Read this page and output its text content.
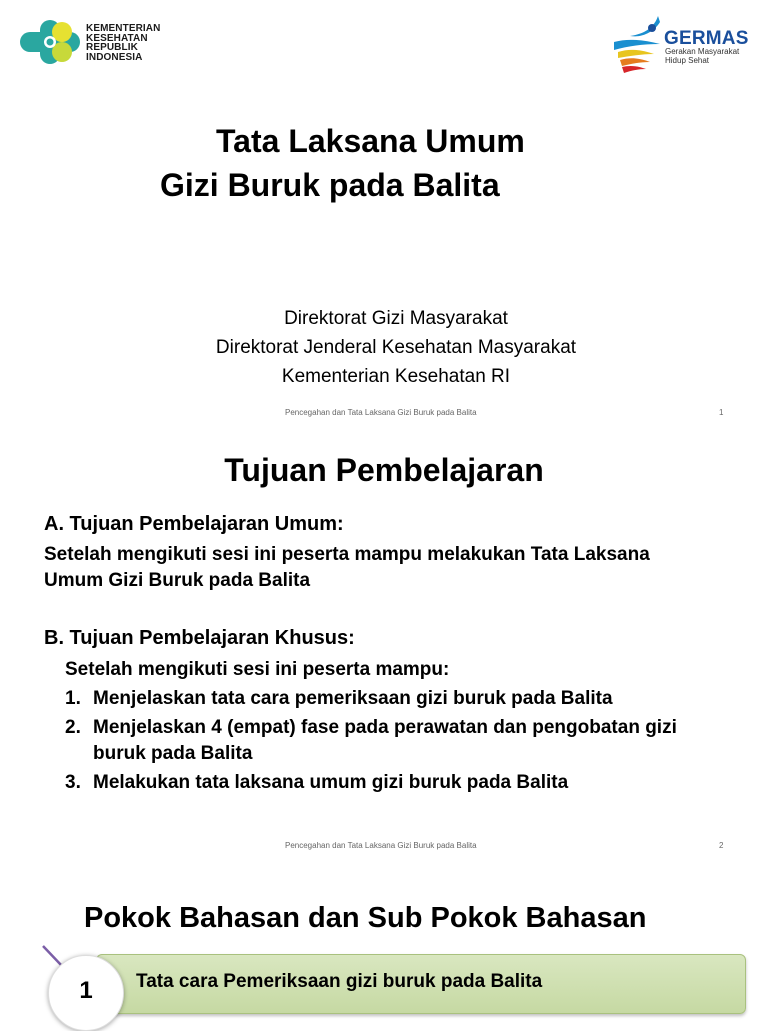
KEMENTERIAN
KESEHATAN
REPUBLIK
INDONESIA
GERMAS
Gerakan Masyarakat
Hidup Sehat
Tata Laksana Umum
Gizi Buruk pada Balita
Direktorat Gizi Masyarakat
Direktorat Jenderal Kesehatan Masyarakat
Kementerian Kesehatan RI
Pencegahan dan Tata Laksana Gizi Buruk pada Balita	1
Tujuan Pembelajaran
A. Tujuan Pembelajaran Umum:
Setelah mengikuti sesi ini peserta mampu melakukan Tata Laksana
Umum Gizi Buruk pada Balita
B. Tujuan Pembelajaran Khusus:
Setelah mengikuti sesi ini peserta mampu:
1. Menjelaskan tata cara pemeriksaan gizi buruk pada Balita
2. Menjelaskan 4 (empat) fase pada perawatan dan pengobatan gizi
buruk pada Balita
3. Melakukan tata laksana umum gizi buruk pada Balita
Pencegahan dan Tata Laksana Gizi Buruk pada Balita	2
Pokok Bahasan dan Sub Pokok Bahasan
Tata cara Pemeriksaan gizi buruk pada Balita
1
